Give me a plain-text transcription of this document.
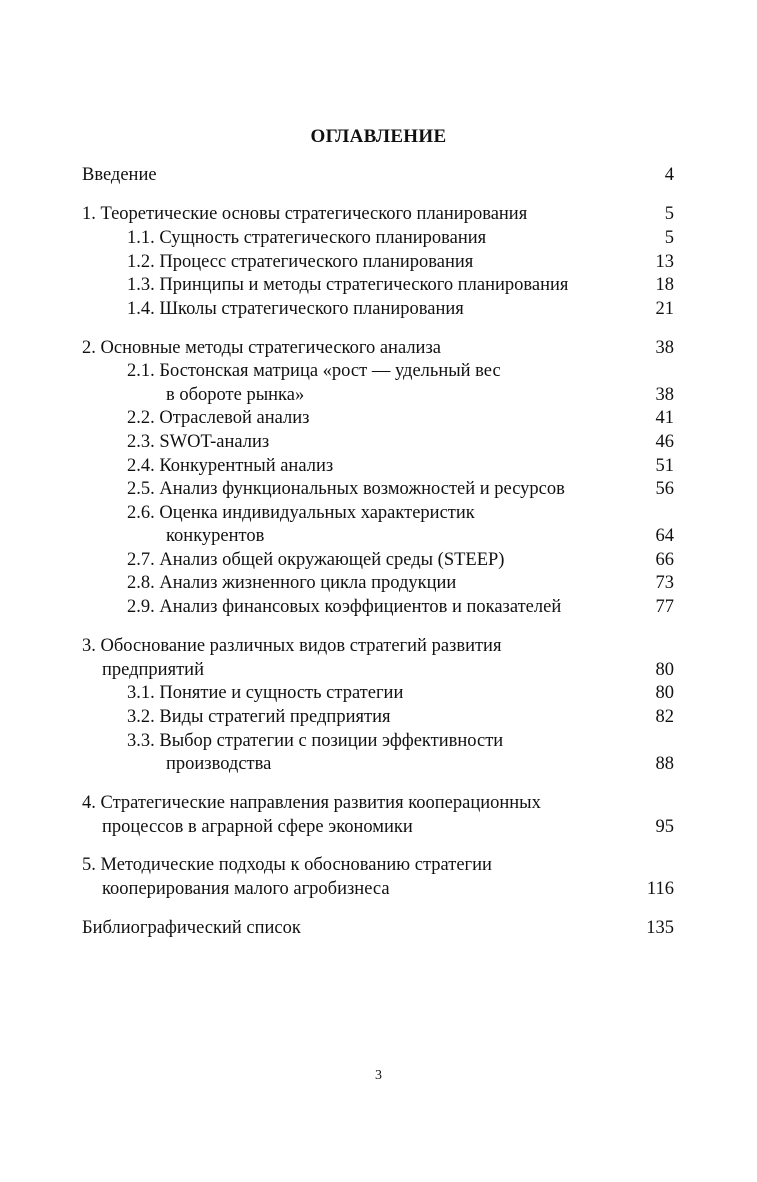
ОГЛАВЛЕНИЕ
Введение	4
1. Теоретические основы стратегического планирования	5
1.1. Сущность стратегического планирования	5
1.2. Процесс стратегического планирования	13
1.3. Принципы и методы стратегического планирования	18
1.4. Школы стратегического планирования	21
2. Основные методы стратегического анализа	38
2.1. Бостонская матрица «рост — удельный вес
в обороте рынка»	38
2.2. Отраслевой анализ	41
2.3. SWOT-анализ	46
2.4. Конкурентный анализ	51
2.5. Анализ функциональных возможностей и ресурсов	56
2.6. Оценка индивидуальных характеристик
конкурентов	64
2.7. Анализ общей окружающей среды (STEEP)	66
2.8. Анализ жизненного цикла продукции	73
2.9. Анализ финансовых коэффициентов и показателей	77
3. Обоснование различных видов стратегий развития
предприятий	80
3.1. Понятие и сущность стратегии	80
3.2. Виды стратегий предприятия	82
3.3. Выбор стратегии с позиции эффективности
производства	88
4. Стратегические направления развития кооперационных
процессов в аграрной сфере экономики	95
5. Методические подходы к обоснованию стратегии
кооперирования малого агробизнеса	116
Библиографический список	135
3
